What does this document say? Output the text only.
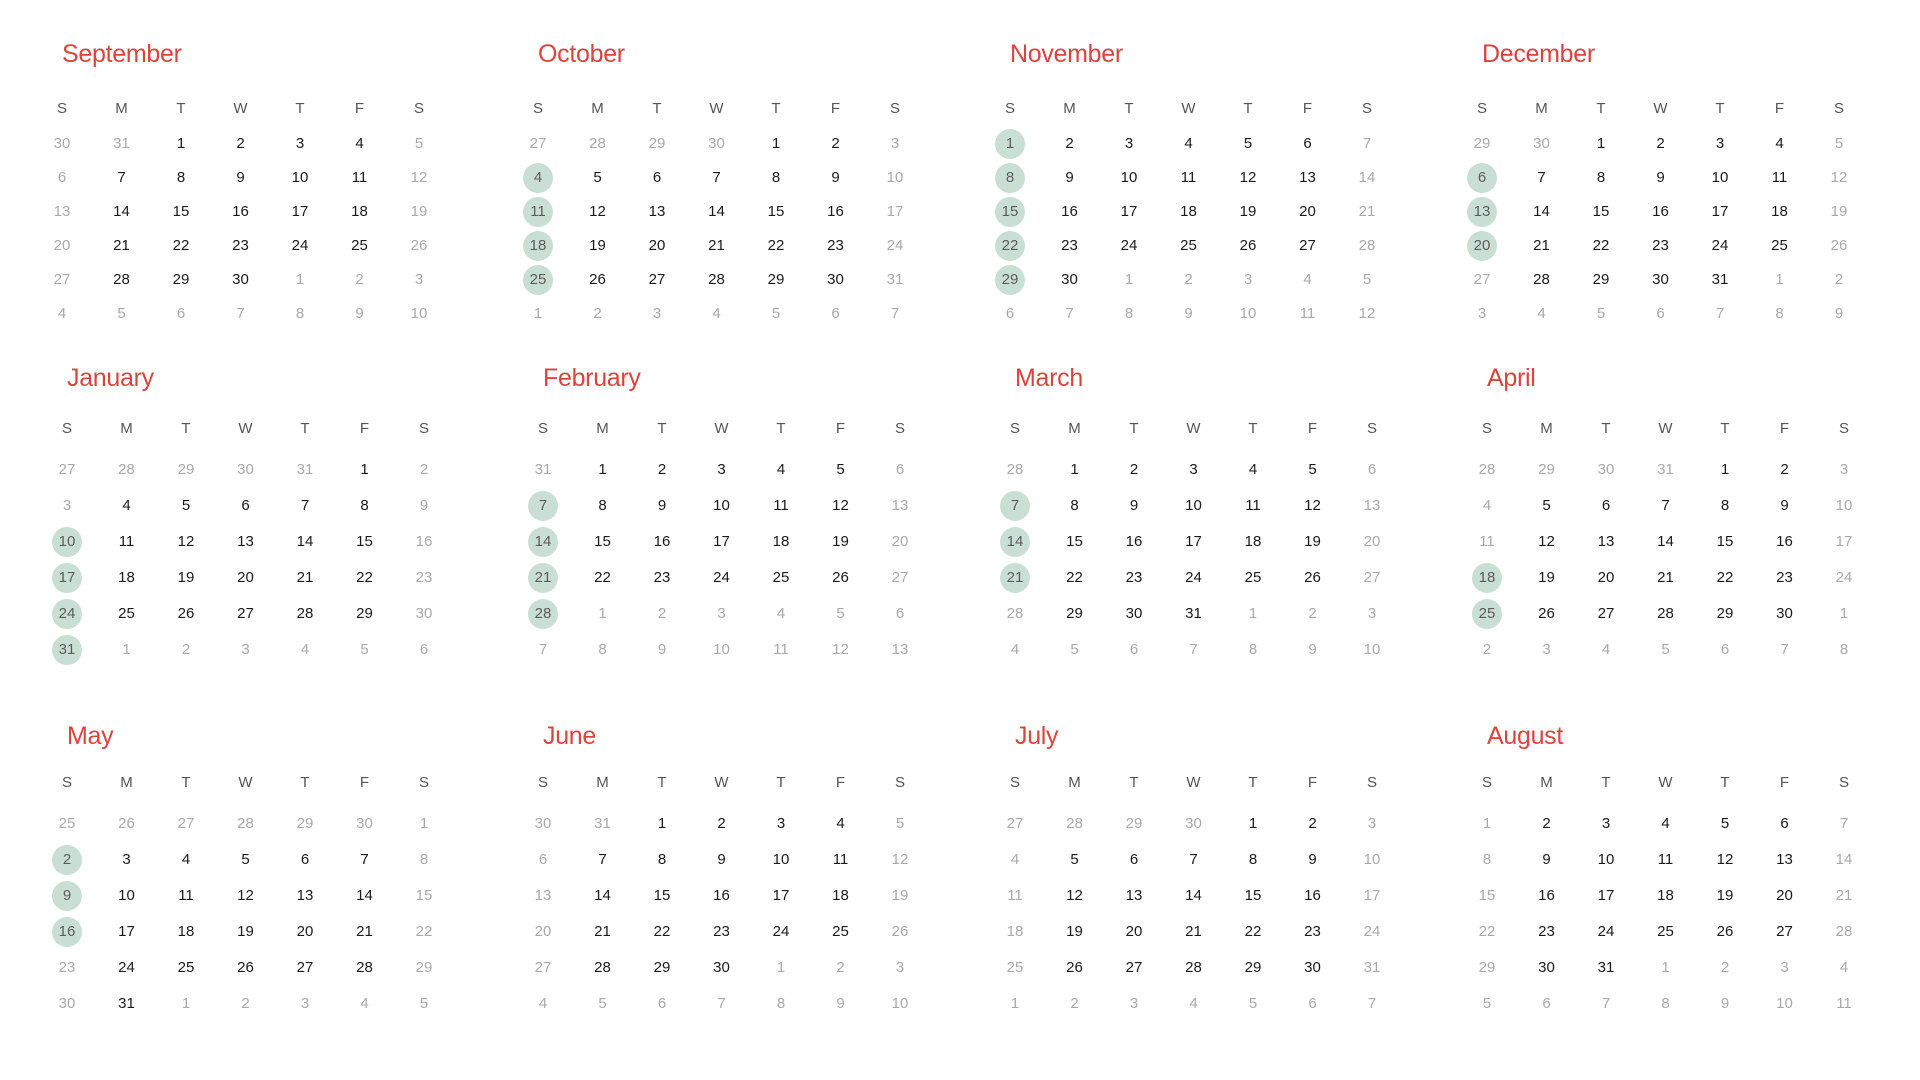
September
S	M	T	W	T	F	S
30	31	1	2	3	4	5
6	7	8	9	10	11	12
13	14	15	16	17	18	19
20	21	22	23	24	25	26
27	28	29	30	1	2	3
4	5	6	7	8	9	10
October
S	M	T	W	T	F	S
27	28	29	30	1	2	3
4	5	6	7	8	9	10
11	12	13	14	15	16	17
18	19	20	21	22	23	24
25	26	27	28	29	30	31
1	2	3	4	5	6	7
November
S	M	T	W	T	F	S
1	2	3	4	5	6	7
8	9	10	11	12	13	14
15	16	17	18	19	20	21
22	23	24	25	26	27	28
29	30	1	2	3	4	5
6	7	8	9	10	11	12
December
S	M	T	W	T	F	S
29	30	1	2	3	4	5
6	7	8	9	10	11	12
13	14	15	16	17	18	19
20	21	22	23	24	25	26
27	28	29	30	31	1	2
3	4	5	6	7	8	9
January
S	M	T	W	T	F	S
27	28	29	30	31	1	2
3	4	5	6	7	8	9
10	11	12	13	14	15	16
17	18	19	20	21	22	23
24	25	26	27	28	29	30
31	1	2	3	4	5	6
February
S	M	T	W	T	F	S
31	1	2	3	4	5	6
7	8	9	10	11	12	13
14	15	16	17	18	19	20
21	22	23	24	25	26	27
28	1	2	3	4	5	6
7	8	9	10	11	12	13
March
S	M	T	W	T	F	S
28	1	2	3	4	5	6
7	8	9	10	11	12	13
14	15	16	17	18	19	20
21	22	23	24	25	26	27
28	29	30	31	1	2	3
4	5	6	7	8	9	10
April
S	M	T	W	T	F	S
28	29	30	31	1	2	3
4	5	6	7	8	9	10
11	12	13	14	15	16	17
18	19	20	21	22	23	24
25	26	27	28	29	30	1
2	3	4	5	6	7	8
May
S	M	T	W	T	F	S
25	26	27	28	29	30	1
2	3	4	5	6	7	8
9	10	11	12	13	14	15
16	17	18	19	20	21	22
23	24	25	26	27	28	29
30	31	1	2	3	4	5
June
S	M	T	W	T	F	S
30	31	1	2	3	4	5
6	7	8	9	10	11	12
13	14	15	16	17	18	19
20	21	22	23	24	25	26
27	28	29	30	1	2	3
4	5	6	7	8	9	10
July
S	M	T	W	T	F	S
27	28	29	30	1	2	3
4	5	6	7	8	9	10
11	12	13	14	15	16	17
18	19	20	21	22	23	24
25	26	27	28	29	30	31
1	2	3	4	5	6	7
August
S	M	T	W	T	F	S
1	2	3	4	5	6	7
8	9	10	11	12	13	14
15	16	17	18	19	20	21
22	23	24	25	26	27	28
29	30	31	1	2	3	4
5	6	7	8	9	10	11
